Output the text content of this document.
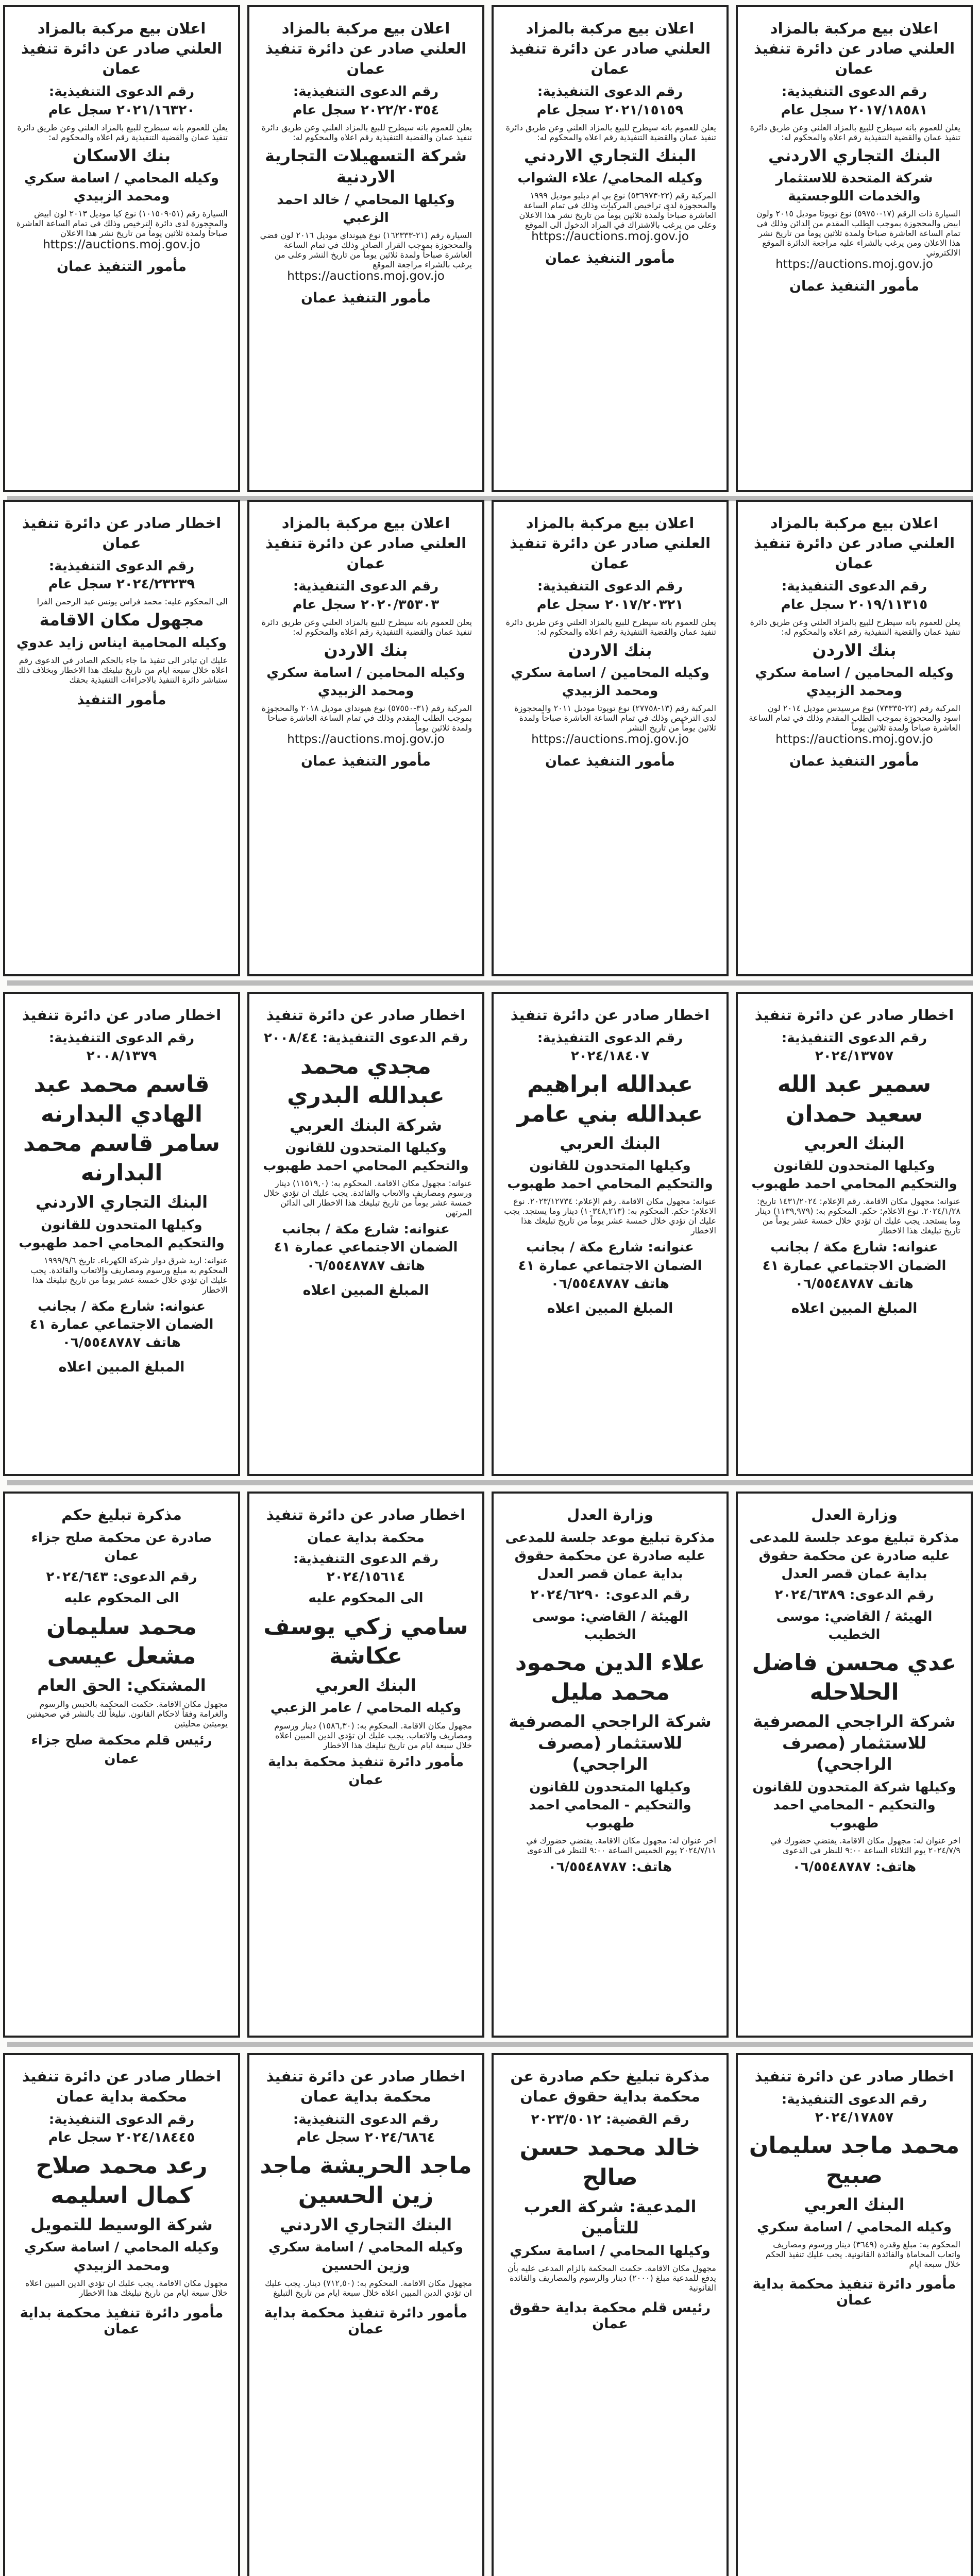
اعلان بيع مركبة بالمزاد العلني صادر عن دائرة تنفيذ عمان
رقم الدعوى التنفيذية: ٢٠١٧/١٨٥٨١ سجل عام
يعلن للعموم بانه سيطرح للبيع بالمزاد العلني وعن طريق دائرة تنفيذ عمان والقضية التنفيذية رقم اعلاه والمحكوم له:
البنك التجاري الاردني
شركة المتحدة للاستثمار والخدمات اللوجستية
السيارة ذات الرقم (١٧-٥٩٧٥٠) نوع تويوتا موديل ٢٠١٥ ولون ابيض والمحجوزة بموجب الطلب المقدم من الدائن وذلك في تمام الساعة العاشرة صباحاً ولمدة ثلاثين يوماً من تاريخ نشر هذا الاعلان ومن يرغب بالشراء عليه مراجعة الدائرة الموقع الالكتروني
https://auctions.moj.gov.jo
مأمور التنفيذ عمان
اعلان بيع مركبة بالمزاد العلني صادر عن دائرة تنفيذ عمان
رقم الدعوى التنفيذية: ٢٠٢١/١٥١٥٩ سجل عام
يعلن للعموم بانه سيطرح للبيع بالمزاد العلني وعن طريق دائرة تنفيذ عمان والقضية التنفيذية رقم اعلاه والمحكوم له:
البنك التجاري الاردني
وكيله المحامي/ علاء الشواب
المركبة رقم (٢٢-٥٣٦٩٧٣) نوع بي ام دبليو موديل ١٩٩٩ والمحجوزة لدى تراخيص المركبات وذلك في تمام الساعة العاشرة صباحاً ولمدة ثلاثين يوماً من تاريخ نشر هذا الاعلان وعلى من يرغب بالاشتراك في المزاد الدخول الى الموقع
https://auctions.moj.gov.jo
مأمور التنفيذ عمان
اعلان بيع مركبة بالمزاد العلني صادر عن دائرة تنفيذ عمان
رقم الدعوى التنفيذية: ٢٠٢٢/٢٠٣٥٤ سجل عام
يعلن للعموم بانه سيطرح للبيع بالمزاد العلني وعن طريق دائرة تنفيذ عمان والقضية التنفيذية رقم اعلاه والمحكوم له:
شركة التسهيلات التجارية الاردنية
وكيلها المحامي / خالد احمد الزعبي
السيارة رقم (٢١-١٦٢٣٣٣) نوع هيونداي موديل ٢٠١٦ لون فضي والمحجوزة بموجب القرار الصادر وذلك في تمام الساعة العاشرة صباحاً ولمدة ثلاثين يوماً من تاريخ النشر وعلى من يرغب بالشراء مراجعة الموقع
https://auctions.moj.gov.jo
مأمور التنفيذ عمان
اعلان بيع مركبة بالمزاد العلني صادر عن دائرة تنفيذ عمان
رقم الدعوى التنفيذية: ٢٠٢١/١٦٣٢٠ سجل عام
يعلن للعموم بانه سيطرح للبيع بالمزاد العلني وعن طريق دائرة تنفيذ عمان والقضية التنفيذية رقم اعلاه والمحكوم له:
بنك الاسكان
وكيله المحامي / اسامة سكري ومحمد الزبيدي
السيارة رقم (٥١-١٠١٥٠٩) نوع كيا موديل ٢٠١٣ لون ابيض والمحجوزة لدى دائرة الترخيص وذلك في تمام الساعة العاشرة صباحاً ولمدة ثلاثين يوماً من تاريخ نشر هذا الاعلان
https://auctions.moj.gov.jo
مأمور التنفيذ عمان
اعلان بيع مركبة بالمزاد العلني صادر عن دائرة تنفيذ عمان
رقم الدعوى التنفيذية: ٢٠١٩/١١٣١٥ سجل عام
يعلن للعموم بانه سيطرح للبيع بالمزاد العلني وعن طريق دائرة تنفيذ عمان والقضية التنفيذية رقم اعلاه والمحكوم له:
بنك الاردن
وكيله المحامين / اسامة سكري ومحمد الزبيدي
المركبة رقم (٢٢-٧٣٣٣٥) نوع مرسيدس موديل ٢٠١٤ لون اسود والمحجوزة بموجب الطلب المقدم وذلك في تمام الساعة العاشرة صباحاً ولمدة ثلاثين يوماً
https://auctions.moj.gov.jo
مأمور التنفيذ عمان
اعلان بيع مركبة بالمزاد العلني صادر عن دائرة تنفيذ عمان
رقم الدعوى التنفيذية: ٢٠١٧/٢٠٣٢١ سجل عام
يعلن للعموم بانه سيطرح للبيع بالمزاد العلني وعن طريق دائرة تنفيذ عمان والقضية التنفيذية رقم اعلاه والمحكوم له:
بنك الاردن
وكيله المحامين / اسامة سكري ومحمد الزبيدي
المركبة رقم (١٣-٢٧٧٥٨) نوع تويوتا موديل ٢٠١١ والمحجوزة لدى الترخيص وذلك في تمام الساعة العاشرة صباحاً ولمدة ثلاثين يوماً من تاريخ النشر
https://auctions.moj.gov.jo
مأمور التنفيذ عمان
اعلان بيع مركبة بالمزاد العلني صادر عن دائرة تنفيذ عمان
رقم الدعوى التنفيذية: ٢٠٢٠/٣٥٣٠٣ سجل عام
يعلن للعموم بانه سيطرح للبيع بالمزاد العلني وعن طريق دائرة تنفيذ عمان والقضية التنفيذية رقم اعلاه والمحكوم له:
بنك الاردن
وكيله المحامين / اسامة سكري ومحمد الزبيدي
المركبة رقم (٣١-٥٧٥٥٠) نوع هيونداي موديل ٢٠١٨ والمحجوزة بموجب الطلب المقدم وذلك في تمام الساعة العاشرة صباحاً ولمدة ثلاثين يوماً
https://auctions.moj.gov.jo
مأمور التنفيذ عمان
اخطار صادر عن دائرة تنفيذ عمان
رقم الدعوى التنفيذية: ٢٠٢٤/٢٣٢٣٩ سجل عام
الى المحكوم عليه: محمد فراس يونس عبد الرحمن الفرا
مجهول مكان الاقامة
وكيله المحامية ايناس زايد عدوي
عليك ان تبادر الى تنفيذ ما جاء بالحكم الصادر في الدعوى رقم اعلاه خلال سبعة ايام من تاريخ تبليغك هذا الاخطار وبخلاف ذلك ستباشر دائرة التنفيذ بالاجراءات التنفيذية بحقك
مأمور التنفيذ
اخطار صادر عن دائرة تنفيذ
رقم الدعوى التنفيذية: ٢٠٢٤/١٣٧٥٧
سمير عبد الله سعيد حمدان
البنك العربي
وكيلها المتحدون للقانون والتحكيم المحامي احمد طهبوب
عنوانه: مجهول مكان الاقامة. رقم الإعلام: ١٤٣١/٢٠٢٤ تاريخ: ٢٠٢٤/١/٢٨. نوع الاعلام: حكم. المحكوم به: (١١٣٩,٩٧٩) دينار وما يستجد. يجب عليك ان تؤدي خلال خمسة عشر يوماً من تاريخ تبليغك هذا الاخطار
عنوانه: شارع مكة / بجانب الضمان الاجتماعي عمارة ٤١ هاتف ٠٦/٥٥٤٨٧٨٧
المبلغ المبين اعلاه
اخطار صادر عن دائرة تنفيذ
رقم الدعوى التنفيذية: ٢٠٢٤/١٨٤٠٧
عبدالله ابراهيم عبدالله بني عامر
البنك العربي
وكيلها المتحدون للقانون والتحكيم المحامي احمد طهبوب
عنوانه: مجهول مكان الاقامة. رقم الإعلام: ٢٠٢٣/١٢٧٣٤. نوع الاعلام: حكم. المحكوم به: (١٠٣٤٨,٢١٣) دينار وما يستجد. يجب عليك ان تؤدي خلال خمسة عشر يوماً من تاريخ تبليغك هذا الاخطار
عنوانه: شارع مكة / بجانب الضمان الاجتماعي عمارة ٤١ هاتف ٠٦/٥٥٤٨٧٨٧
المبلغ المبين اعلاه
اخطار صادر عن دائرة تنفيذ
رقم الدعوى التنفيذية: ٢٠٠٨/٤٤
مجدي محمد عبدالله البدري
شركة البنك العربي
وكيلها المتحدون للقانون والتحكيم المحامي احمد طهبوب
عنوانه: مجهول مكان الاقامة. المحكوم به: (١١٥١٩,٠) دينار ورسوم ومصاريف والاتعاب والفائدة. يجب عليك ان تؤدي خلال خمسة عشر يوماً من تاريخ تبليغك هذا الاخطار الى الدائن المرتهن
عنوانه: شارع مكة / بجانب الضمان الاجتماعي عمارة ٤١ هاتف ٠٦/٥٥٤٨٧٨٧
المبلغ المبين اعلاه
اخطار صادر عن دائرة تنفيذ
رقم الدعوى التنفيذية: ٢٠٠٨/١٣٧٩
قاسم محمد عبد الهادي البدارنه سامر قاسم محمد البدارنه
البنك التجاري الاردني
وكيلها المتحدون للقانون والتحكيم المحامي احمد طهبوب
عنوانه: اربد شرق دوار شركة الكهرباء. تاريخ ١٩٩٩/٩/٦ المحكوم به مبلغ ورسوم ومصاريف والاتعاب والفائدة. يجب عليك ان تؤدي خلال خمسة عشر يوماً من تاريخ تبليغك هذا الاخطار
عنوانه: شارع مكة / بجانب الضمان الاجتماعي عمارة ٤١ هاتف ٠٦/٥٥٤٨٧٨٧
المبلغ المبين اعلاه
وزارة العدل
مذكرة تبليغ موعد جلسة للمدعى عليه صادرة عن محكمة حقوق بداية عمان قصر العدل
رقم الدعوى: ٢٠٢٤/٦٣٨٩
الهيئة / القاضي: موسى الخطيب
عدي محسن فاضل الحلاحله
شركة الراجحي المصرفية للاستثمار (مصرف الراجحي)
وكيلها شركة المتحدون للقانون والتحكيم - المحامي احمد طهبوب
اخر عنوان له: مجهول مكان الاقامة. يقتضي حضورك في ٢٠٢٤/٧/٩ يوم الثلاثاء الساعة ٩:٠٠ للنظر في الدعوى
هاتف: ٠٦/٥٥٤٨٧٨٧
وزارة العدل
مذكرة تبليغ موعد جلسة للمدعى عليه صادرة عن محكمة حقوق بداية عمان قصر العدل
رقم الدعوى: ٢٠٢٤/٦٢٩٠
الهيئة / القاضي: موسى الخطيب
علاء الدين محمود محمد مليل
شركة الراجحي المصرفية للاستثمار (مصرف الراجحي)
وكيلها المتحدون للقانون والتحكيم - المحامي احمد طهبوب
اخر عنوان له: مجهول مكان الاقامة. يقتضي حضورك في ٢٠٢٤/٧/١١ يوم الخميس الساعة ٩:٠٠ للنظر في الدعوى
هاتف: ٠٦/٥٥٤٨٧٨٧
اخطار صادر عن دائرة تنفيذ
محكمة بداية عمان
رقم الدعوى التنفيذية: ٢٠٢٤/١٥٦١٤
الى المحكوم عليه
سامي زكي يوسف عكاشة
البنك العربي
وكيله المحامي / عامر الزعبي
مجهول مكان الاقامة. المحكوم به: (١٥٨٦,٣٠) دينار ورسوم ومصاريف والاتعاب. يجب عليك ان تؤدي الدين المبين اعلاه خلال سبعة ايام من تاريخ تبليغك هذا الاخطار
مأمور دائرة تنفيذ محكمة بداية عمان
مذكرة تبليغ حكم
صادرة عن محكمة صلح جزاء عمان
رقم الدعوى: ٢٠٢٤/٦٤٣
الى المحكوم عليه
محمد سليمان مشعل عيسى
المشتكي: الحق العام
مجهول مكان الاقامة. حكمت المحكمة بالحبس والرسوم والغرامة وفقاً لاحكام القانون. تبليغاً لك بالنشر في صحيفتين يوميتين محليتين
رئيس قلم محكمة صلح جزاء عمان
اخطار صادر عن دائرة تنفيذ
رقم الدعوى التنفيذية: ٢٠٢٤/١٧٨٥٧
محمد ماجد سليمان صبيح
البنك العربي
وكيله المحامي / اسامة سكري
المحكوم به: مبلغ وقدره (٣٦٤٩) دينار ورسوم ومصاريف واتعاب المحاماة والفائدة القانونية. يجب عليك تنفيذ الحكم خلال سبعة ايام
مأمور دائرة تنفيذ محكمة بداية عمان
مذكرة تبليغ حكم صادرة عن محكمة بداية حقوق عمان
رقم القضية: ٢٠٢٣/٥٠١٢
خالد محمد حسن صالح
المدعية: شركة العرب للتأمين
وكيلها المحامي / اسامة سكري
مجهول مكان الاقامة. حكمت المحكمة بالزام المدعى عليه بأن يدفع للمدعية مبلغ (٢٠٠٠) دينار والرسوم والمصاريف والفائدة القانونية
رئيس قلم محكمة بداية حقوق عمان
اخطار صادر عن دائرة تنفيذ محكمة بداية عمان
رقم الدعوى التنفيذية: ٢٠٢٤/٦٨٦٤ سجل عام
ماجد الحريشة ماجد زين الحسين
البنك التجاري الاردني
وكيله المحامي / اسامة سكري وزين الحسين
مجهول مكان الاقامة. المحكوم به: (٧١٢,٥٠) دينار. يجب عليك ان تؤدي الدين المبين اعلاه خلال سبعة ايام من تاريخ التبليغ
مأمور دائرة تنفيذ محكمة بداية عمان
اخطار صادر عن دائرة تنفيذ محكمة بداية عمان
رقم الدعوى التنفيذية: ٢٠٢٤/١٨٤٤٥ سجل عام
رعد محمد صلاح كمال اسليمه
شركة الوسيط للتمويل
وكيله المحامي / اسامة سكري ومحمد الزبيدي
مجهول مكان الاقامة. يجب عليك ان تؤدي الدين المبين اعلاه خلال سبعة ايام من تاريخ تبليغك هذا الاخطار
مأمور دائرة تنفيذ محكمة بداية عمان
